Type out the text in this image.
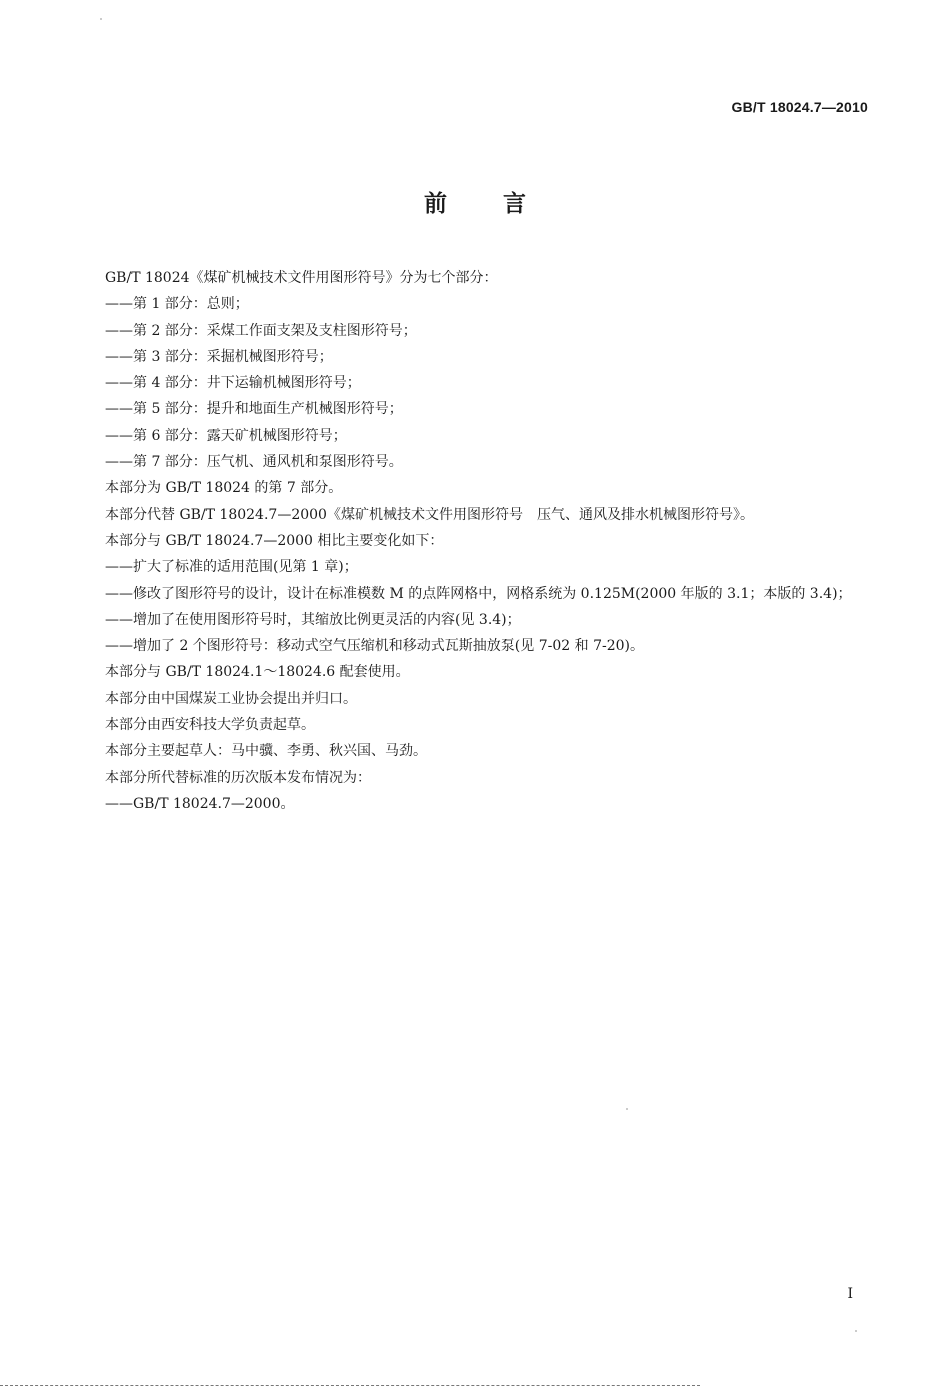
GB/T 18024.7—2010
前言

GB/T 18024《煤矿机械技术文件用图形符号》分为七个部分：

——第 1 部分：总则；

——第 2 部分：采煤工作面支架及支柱图形符号；

——第 3 部分：采掘机械图形符号；

——第 4 部分：井下运输机械图形符号；

——第 5 部分：提升和地面生产机械图形符号；

——第 6 部分：露天矿机械图形符号；

——第 7 部分：压气机、通风机和泵图形符号。

本部分为 GB/T 18024 的第 7 部分。

本部分代替 GB/T 18024.7—2000《煤矿机械技术文件用图形符号　压气、通风及排水机械图形符号》。

本部分与 GB/T 18024.7—2000 相比主要变化如下：

——扩大了标准的适用范围(见第 1 章)；

——修改了图形符号的设计，设计在标准模数 M 的点阵网格中，网格系统为 0.125M(2000 年版的 3.1；本版的 3.4)；

——增加了在使用图形符号时，其缩放比例更灵活的内容(见 3.4)；

——增加了 2 个图形符号：移动式空气压缩机和移动式瓦斯抽放泵(见 7-02 和 7-20)。

本部分与 GB/T 18024.1～18024.6 配套使用。

本部分由中国煤炭工业协会提出并归口。

本部分由西安科技大学负责起草。

本部分主要起草人：马中骥、李勇、秋兴国、马劲。

本部分所代替标准的历次版本发布情况为：

——GB/T 18024.7—2000。

I
